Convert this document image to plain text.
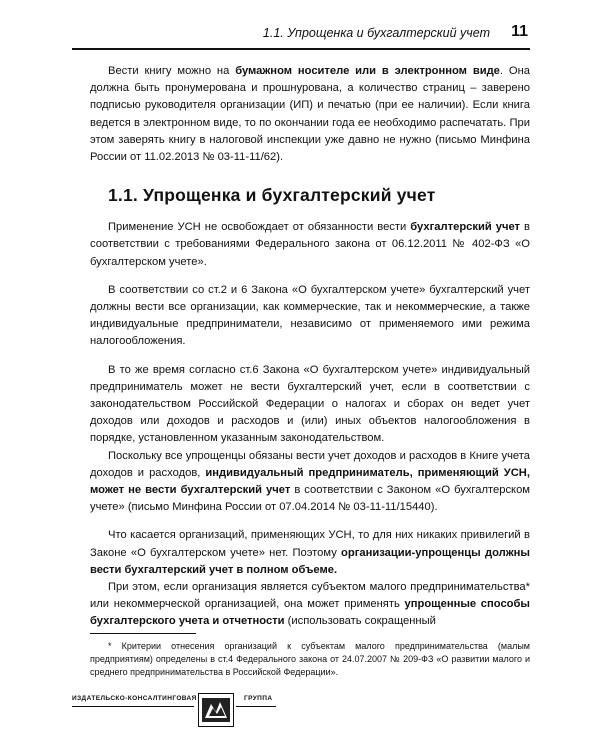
1.1. Упрощенка и бухгалтерский учет 11

Вести книгу можно на бумажном носителе или в электронном виде. Она должна быть пронумерована и прошнурована, а количество страниц – заверено подписью руководителя организации (ИП) и печатью (при ее наличии). Если книга ведется в электронном виде, то по окончании года ее необходимо распечатать. При этом заверять книгу в налоговой инспекции уже давно не нужно (письмо Минфина России от 11.02.2013 № 03-11-11/62).

1.1. Упрощенка и бухгалтерский учет

Применение УСН не освобождает от обязанности вести бухгалтерский учет в соответствии с требованиями Федерального закона от 06.12.2011 № 402-ФЗ «О бухгалтерском учете».

В соответствии со ст.2 и 6 Закона «О бухгалтерском учете» бухгалтерский учет должны вести все организации, как коммерческие, так и некоммерческие, а также индивидуальные предприниматели, независимо от применяемого ими режима налогообложения.

В то же время согласно ст.6 Закона «О бухгалтерском учете» индивидуальный предприниматель может не вести бухгалтерский учет, если в соответствии с законодательством Российской Федерации о налогах и сборах он ведет учет доходов или доходов и расходов и (или) иных объектов налогообложения в порядке, установленном указанным законодательством.

Поскольку все упрощенцы обязаны вести учет доходов и расходов в Книге учета доходов и расходов, индивидуальный предприниматель, применяющий УСН, может не вести бухгалтерский учет в соответствии с Законом «О бухгалтерском учете» (письмо Минфина России от 07.04.2014 № 03-11-11/15440).

Что касается организаций, применяющих УСН, то для них никаких привилегий в Законе «О бухгалтерском учете» нет. Поэтому организации-упрощенцы должны вести бухгалтерский учет в полном объеме.

При этом, если организация является субъектом малого предпринимательства* или некоммерческой организацией, она может применять упрощенные способы бухгалтерского учета и отчетности (использовать сокращенный

* Критерии отнесения организаций к субъектам малого предпринимательства (малым предприятиям) определены в ст.4 Федерального закона от 24.07.2007 № 209-ФЗ «О развитии малого и среднего предпринимательства в Российской Федерации».

ИЗДАТЕЛЬСКО-КОНСАЛТИНГОВАЯ	ГРУППА
